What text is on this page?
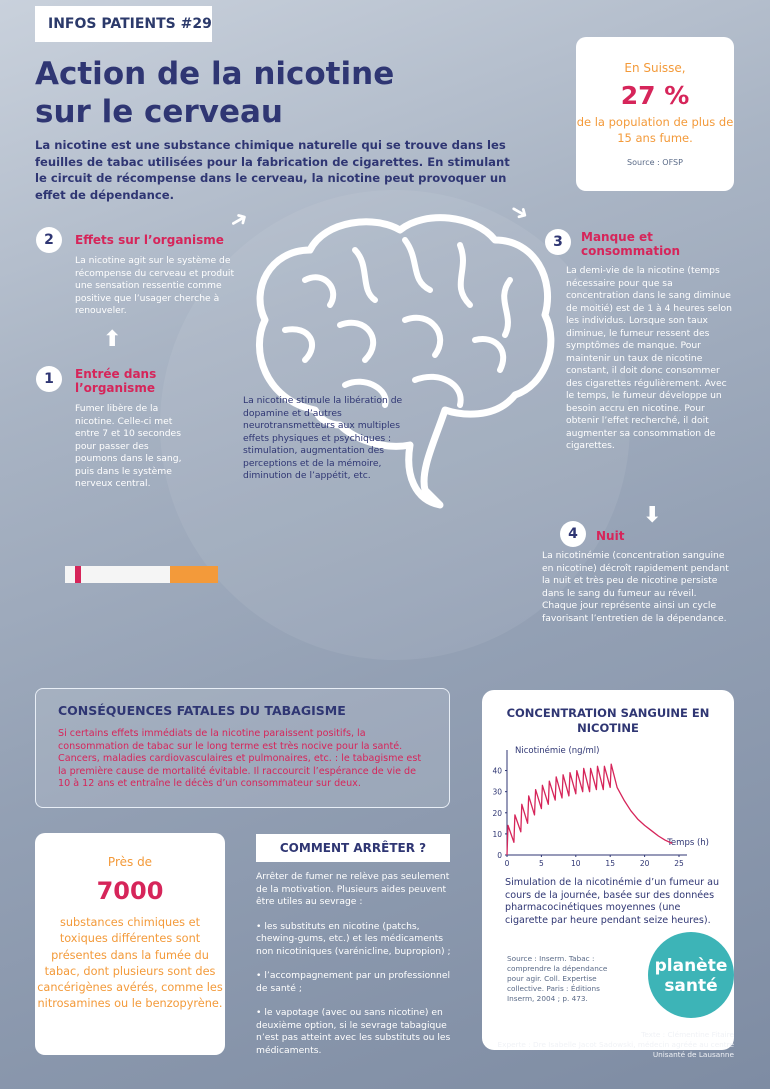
INFOS PATIENTS #29
Action de la nicotine
sur le cerveau
La nicotine est une substance chimique naturelle qui se trouve dans les feuilles de tabac utilisées pour la fabrication de cigarettes. En stimulant le circuit de récompense dans le cerveau, la nicotine peut provoquer un effet de dépendance.
En Suisse,
27 %
de la population de plus de 15 ans fume.
Source : OFSP
La nicotine stimule la libération de dopamine et d’autres neurotransmetteurs aux multiples effets physiques et psychiques : stimulation, augmentation des perceptions et de la mémoire, diminution de l’appétit, etc.
⬆
➜	➜
⬇
1	Entrée dans l’organisme
Fumer libère de la nicotine. Celle-ci met entre 7 et 10 secondes pour passer des poumons dans le sang, puis dans le système nerveux central.
2	Effets sur l’organisme
La nicotine agit sur le système de récompense du cerveau et produit une sensation ressentie comme positive que l’usager cherche à renouveler.
3	Manque et consommation
La demi-vie de la nicotine (temps nécessaire pour que sa concentration dans le sang diminue de moitié) est de 1 à 4 heures selon les individus. Lorsque son taux diminue, le fumeur ressent des symptômes de manque. Pour maintenir un taux de nicotine constant, il doit donc consommer des cigarettes régulièrement. Avec le temps, le fumeur développe un besoin accru en nicotine. Pour obtenir l’effet recherché, il doit augmenter sa consommation de cigarettes.
4	Nuit
La nicotinémie (concentration sanguine en nicotine) décroît rapidement pendant la nuit et très peu de nicotine persiste dans le sang du fumeur au réveil. Chaque jour représente ainsi un cycle favorisant l’entretien de la dépendance.
CONSÉQUENCES FATALES DU TABAGISME
Si certains effets immédiats de la nicotine paraissent positifs, la consommation de tabac sur le long terme est très nocive pour la santé. Cancers, maladies cardiovasculaires et pulmonaires, etc. : le tabagisme est la première cause de mortalité évitable. Il raccourcit l’espérance de vie de 10 à 12 ans et entraîne le décès d’un consommateur sur deux.
Près de
7000
substances chimiques et toxiques différentes sont présentes dans la fumée du tabac, dont plusieurs sont des cancérigènes avérés, comme les nitrosamines ou le benzopyrène.
COMMENT ARRÊTER ?

Arrêter de fumer ne relève pas seulement de la motivation. Plusieurs aides peuvent être utiles au sevrage :

• les substituts en nicotine (patchs, chewing-gums, etc.) et les médicaments non nicotiniques (varénicline, bupropion) ;

• l’accompagnement par un professionnel de santé ;

• le vapotage (avec ou sans nicotine) en deuxième option, si le sevrage tabagique n’est pas atteint avec les substituts ou les médicaments.

CONCENTRATION SANGUINE EN NICOTINE
Nicotinémie (ng/ml)
Temps (h)
0
10
20
30
40
0	5	10	15	20	25
Simulation de la nicotinémie d’un fumeur au cours de la journée, basée sur des données pharmacocinétiques moyennes (une cigarette par heure pendant seize heures).
Source : Inserm. Tabac : comprendre la dépendance pour agir. Coll. Expertise collective. Paris : Éditions Inserm, 2004 ; p. 473.
planète
santé
Texte : Clémentine Fitaire
Experte : Dre Isabelle Jacot Sadowski, médecin agréée au centre
Unisanté de Lausanne
